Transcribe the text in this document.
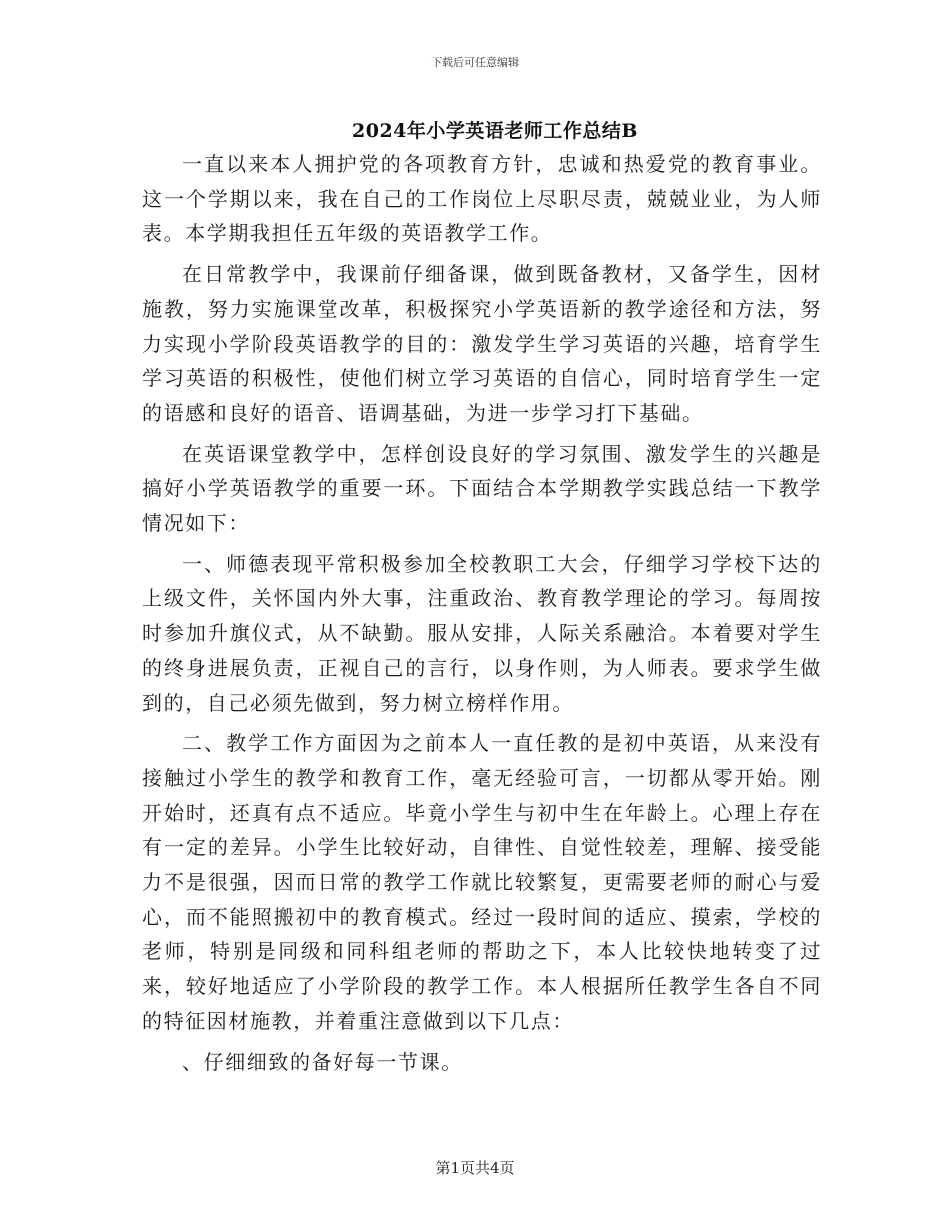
下载后可任意编辑
2024年小学英语老师工作总结B

一直以来本人拥护党的各项教育方针，忠诚和热爱党的教育事业。这一个学期以来，我在自己的工作岗位上尽职尽责，兢兢业业，为人师表。本学期我担任五年级的英语教学工作。

在日常教学中，我课前仔细备课，做到既备教材，又备学生，因材施教，努力实施课堂改革，积极探究小学英语新的教学途径和方法，努力实现小学阶段英语教学的目的：激发学生学习英语的兴趣，培育学生学习英语的积极性，使他们树立学习英语的自信心，同时培育学生一定的语感和良好的语音、语调基础，为进一步学习打下基础。

在英语课堂教学中，怎样创设良好的学习氛围、激发学生的兴趣是搞好小学英语教学的重要一环。下面结合本学期教学实践总结一下教学情况如下：

一、师德表现平常积极参加全校教职工大会，仔细学习学校下达的上级文件，关怀国内外大事，注重政治、教育教学理论的学习。每周按时参加升旗仪式，从不缺勤。服从安排，人际关系融洽。本着要对学生的终身进展负责，正视自己的言行，以身作则，为人师表。要求学生做到的，自己必须先做到，努力树立榜样作用。

二、教学工作方面因为之前本人一直任教的是初中英语，从来没有接触过小学生的教学和教育工作，毫无经验可言，一切都从零开始。刚开始时，还真有点不适应。毕竟小学生与初中生在年龄上。心理上存在有一定的差异。小学生比较好动，自律性、自觉性较差，理解、接受能力不是很强，因而日常的教学工作就比较繁复，更需要老师的耐心与爱心，而不能照搬初中的教育模式。经过一段时间的适应、摸索，学校的老师，特别是同级和同科组老师的帮助之下，本人比较快地转变了过来，较好地适应了小学阶段的教学工作。本人根据所任教学生各自不同的特征因材施教，并着重注意做到以下几点：

、仔细细致的备好每一节课。

第1页共4页
